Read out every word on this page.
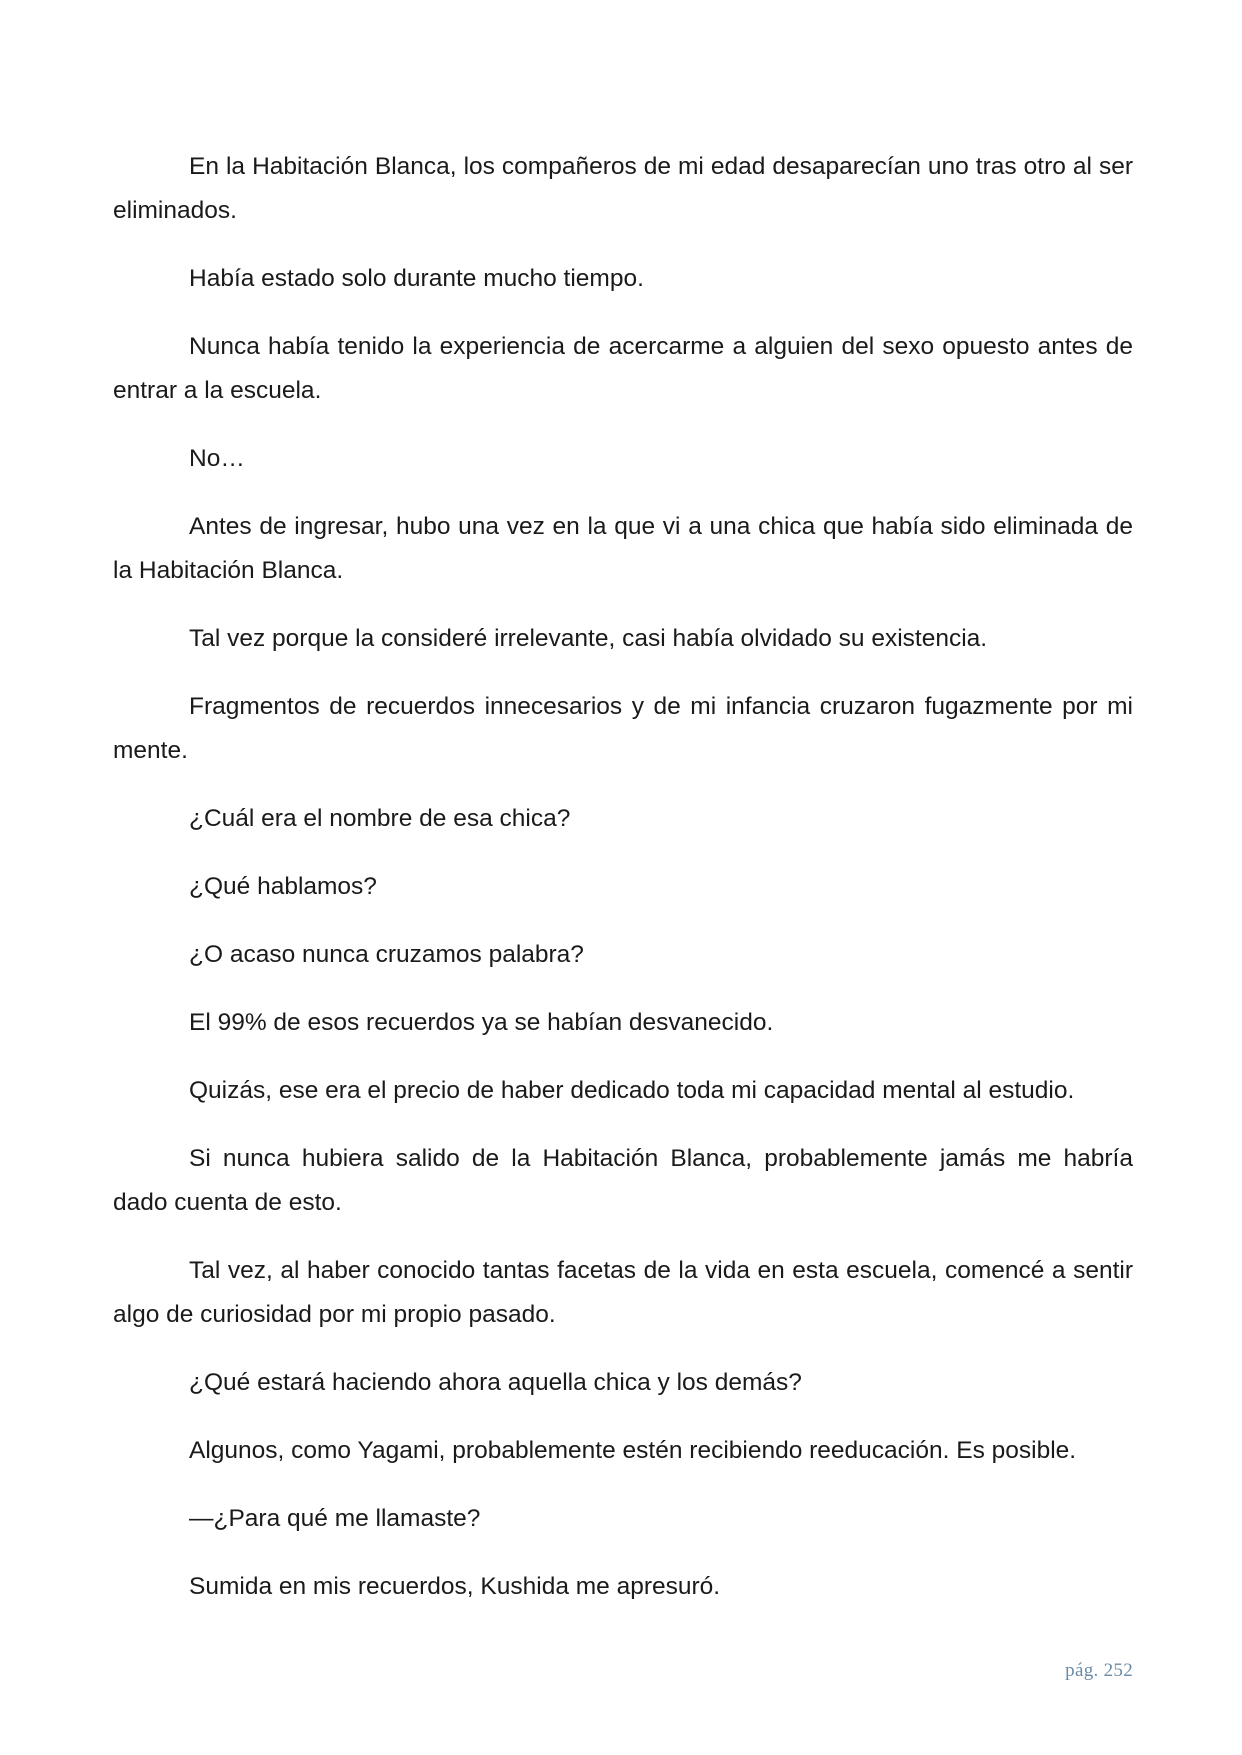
En la Habitación Blanca, los compañeros de mi edad desaparecían uno tras otro al ser eliminados.

Había estado solo durante mucho tiempo.

Nunca había tenido la experiencia de acercarme a alguien del sexo opuesto antes de entrar a la escuela.

No…

Antes de ingresar, hubo una vez en la que vi a una chica que había sido eliminada de la Habitación Blanca.

Tal vez porque la consideré irrelevante, casi había olvidado su existencia.

Fragmentos de recuerdos innecesarios y de mi infancia cruzaron fugazmente por mi mente.

¿Cuál era el nombre de esa chica?

¿Qué hablamos?

¿O acaso nunca cruzamos palabra?

El 99% de esos recuerdos ya se habían desvanecido.

Quizás, ese era el precio de haber dedicado toda mi capacidad mental al estudio.

Si nunca hubiera salido de la Habitación Blanca, probablemente jamás me habría dado cuenta de esto.

Tal vez, al haber conocido tantas facetas de la vida en esta escuela, comencé a sentir algo de curiosidad por mi propio pasado.

¿Qué estará haciendo ahora aquella chica y los demás?

Algunos, como Yagami, probablemente estén recibiendo reeducación. Es posible.

—¿Para qué me llamaste?

Sumida en mis recuerdos, Kushida me apresuró.

pág. 252
